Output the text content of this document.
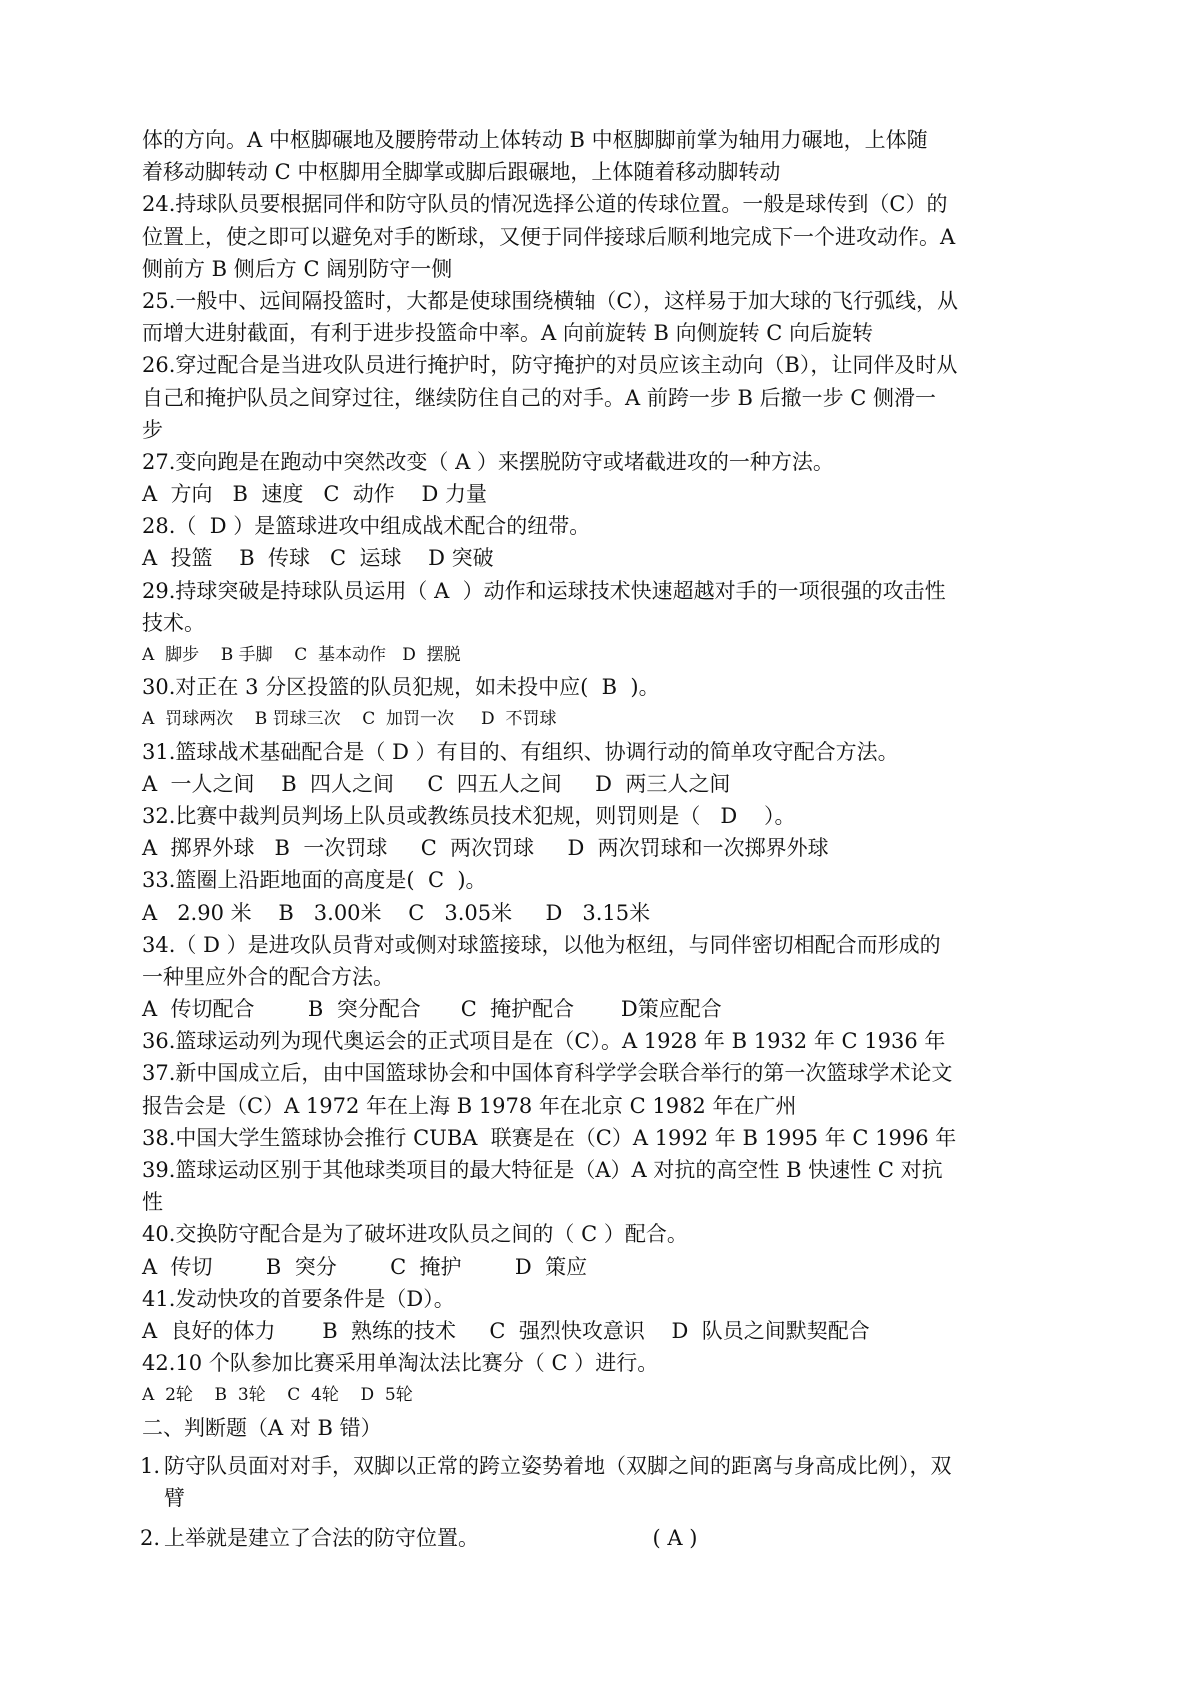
体的方向。A 中枢脚碾地及腰胯带动上体转动 B 中枢脚脚前掌为轴用力碾地，上体随
着移动脚转动 C 中枢脚用全脚掌或脚后跟碾地，上体随着移动脚转动
24.持球队员要根据同伴和防守队员的情况选择公道的传球位置。一般是球传到（C）的
位置上，使之即可以避免对手的断球，又便于同伴接球后顺利地完成下一个进攻动作。A
侧前方 B 侧后方 C 阔别防守一侧
25.一般中、远间隔投篮时，大都是使球围绕横轴（C），这样易于加大球的飞行弧线，从
而增大进射截面，有利于进步投篮命中率。A 向前旋转 B 向侧旋转 C 向后旋转
26.穿过配合是当进攻队员进行掩护时，防守掩护的对员应该主动向（B），让同伴及时从
自己和掩护队员之间穿过往，继续防住自己的对手。A 前跨一步 B 后撤一步 C 侧滑一
步
27.变向跑是在跑动中突然改变（ A ）来摆脱防守或堵截进攻的一种方法。
A  方向   B  速度   C  动作    D 力量
28.（  D ）是篮球进攻中组成战术配合的纽带。
A  投篮    B  传球   C  运球    D 突破
29.持球突破是持球队员运用（ A  ）动作和运球技术快速超越对手的一项很强的攻击性
技术。
A  脚步    B 手脚    C  基本动作   D  摆脱
30.对正在 3 分区投篮的队员犯规，如未投中应(  B  )。
A  罚球两次    B 罚球三次    C  加罚一次     D  不罚球
31.篮球战术基础配合是（ D ）有目的、有组织、协调行动的简单攻守配合方法。
A  一人之间    B  四人之间     C  四五人之间     D  两三人之间
32.比赛中裁判员判场上队员或教练员技术犯规，则罚则是（   D    ）。
A  掷界外球   B  一次罚球     C  两次罚球     D  两次罚球和一次掷界外球
33.篮圈上沿距地面的高度是(  C  )。
A   2.90 米    B   3.00米    C   3.05米     D   3.15米
34.（ D ）是进攻队员背对或侧对球篮接球，以他为枢纽，与同伴密切相配合而形成的
一种里应外合的配合方法。
A  传切配合        B  突分配合      C  掩护配合       D策应配合
36.篮球运动列为现代奥运会的正式项目是在（C）。A 1928 年 B 1932 年 C 1936 年
37.新中国成立后，由中国篮球协会和中国体育科学学会联合举行的第一次篮球学术论文
报告会是（C）A 1972 年在上海 B 1978 年在北京 C 1982 年在广州
38.中国大学生篮球协会推行 CUBA  联赛是在（C）A 1992 年 B 1995 年 C 1996 年
39.篮球运动区别于其他球类项目的最大特征是（A）A 对抗的高空性 B 快速性 C 对抗
性
40.交换防守配合是为了破坏进攻队员之间的（ C ）配合。
A  传切        B  突分        C  掩护        D  策应
41.发动快攻的首要条件是（D）。
A  良好的体力       B  熟练的技术     C  强烈快攻意识    D  队员之间默契配合
42.10 个队参加比赛采用单淘汰法比赛分（ C ）进行。
A  2轮    B  3轮    C  4轮    D  5轮
二、判断题（A 对 B 错）
1. 防守队员面对对手，双脚以正常的跨立姿势着地（双脚之间的距离与身高成比例），双
臂
2. 上举就是建立了合法的防守位置。                          ( A )
